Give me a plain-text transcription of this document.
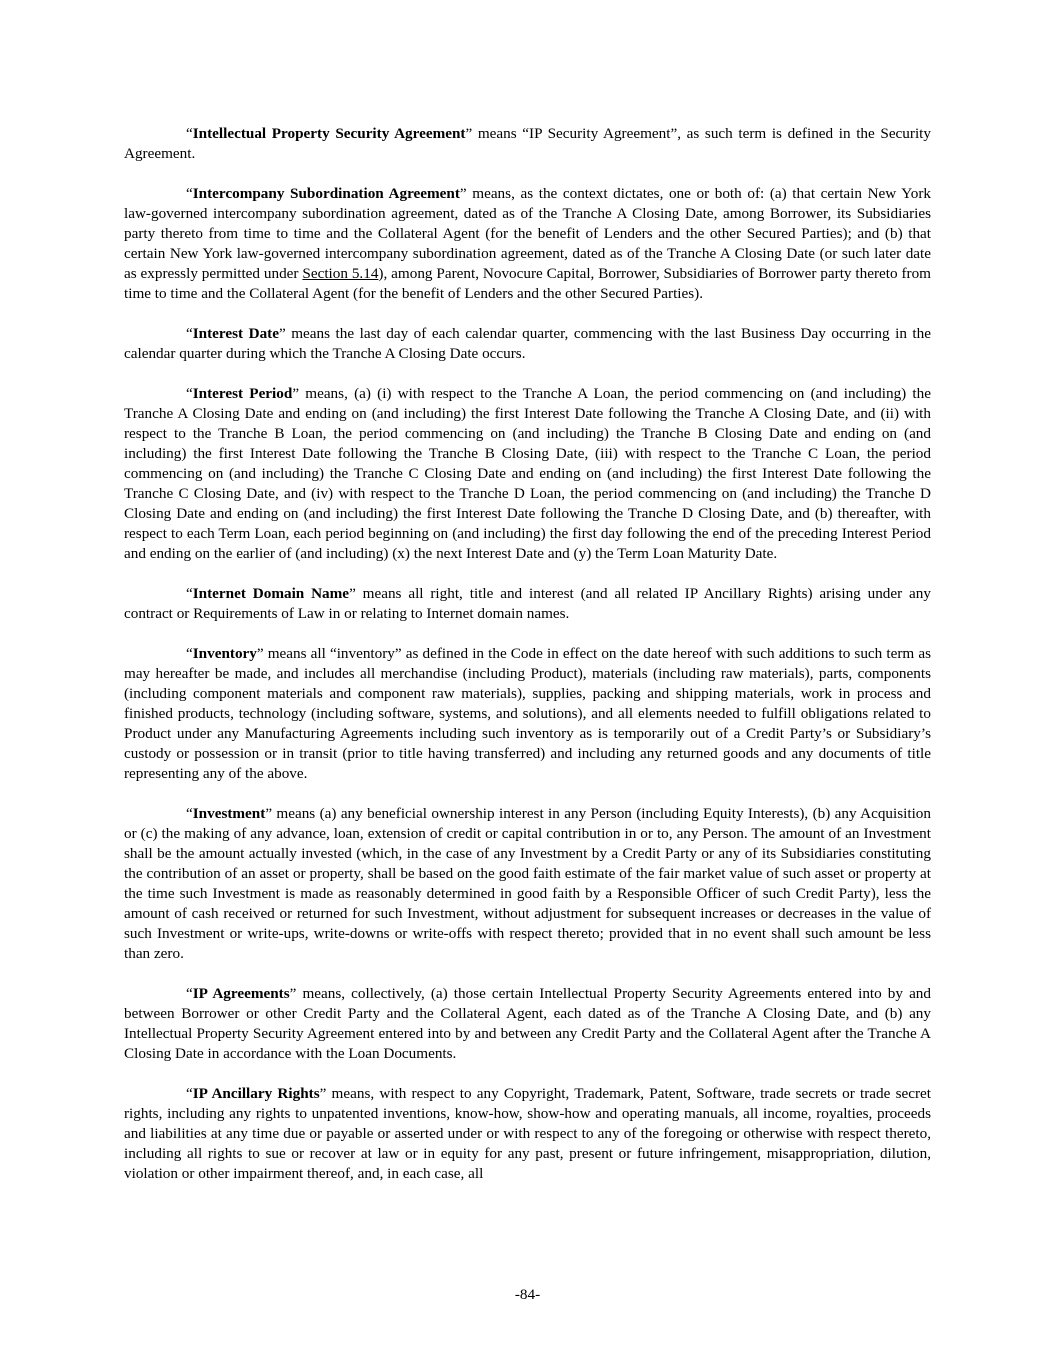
“Intellectual Property Security Agreement” means “IP Security Agreement”, as such term is defined in the Security Agreement.

“Intercompany Subordination Agreement” means, as the context dictates, one or both of: (a) that certain New York law-governed intercompany subordination agreement, dated as of the Tranche A Closing Date, among Borrower, its Subsidiaries party thereto from time to time and the Collateral Agent (for the benefit of Lenders and the other Secured Parties); and (b) that certain New York law-governed intercompany subordination agreement, dated as of the Tranche A Closing Date (or such later date as expressly permitted under Section 5.14), among Parent, Novocure Capital, Borrower, Subsidiaries of Borrower party thereto from time to time and the Collateral Agent (for the benefit of Lenders and the other Secured Parties).

“Interest Date” means the last day of each calendar quarter, commencing with the last Business Day occurring in the calendar quarter during which the Tranche A Closing Date occurs.

“Interest Period” means, (a) (i) with respect to the Tranche A Loan, the period commencing on (and including) the Tranche A Closing Date and ending on (and including) the first Interest Date following the Tranche A Closing Date, and (ii) with respect to the Tranche B Loan, the period commencing on (and including) the Tranche B Closing Date and ending on (and including) the first Interest Date following the Tranche B Closing Date, (iii) with respect to the Tranche C Loan, the period commencing on (and including) the Tranche C Closing Date and ending on (and including) the first Interest Date following the Tranche C Closing Date, and (iv) with respect to the Tranche D Loan, the period commencing on (and including) the Tranche D Closing Date and ending on (and including) the first Interest Date following the Tranche D Closing Date, and (b) thereafter, with respect to each Term Loan, each period beginning on (and including) the first day following the end of the preceding Interest Period and ending on the earlier of (and including) (x) the next Interest Date and (y) the Term Loan Maturity Date.

“Internet Domain Name” means all right, title and interest (and all related IP Ancillary Rights) arising under any contract or Requirements of Law in or relating to Internet domain names.

“Inventory” means all “inventory” as defined in the Code in effect on the date hereof with such additions to such term as may hereafter be made, and includes all merchandise (including Product), materials (including raw materials), parts, components (including component materials and component raw materials), supplies, packing and shipping materials, work in process and finished products, technology (including software, systems, and solutions), and all elements needed to fulfill obligations related to Product under any Manufacturing Agreements including such inventory as is temporarily out of a Credit Party’s or Subsidiary’s custody or possession or in transit (prior to title having transferred) and including any returned goods and any documents of title representing any of the above.

“Investment” means (a) any beneficial ownership interest in any Person (including Equity Interests), (b) any Acquisition or (c) the making of any advance, loan, extension of credit or capital contribution in or to, any Person. The amount of an Investment shall be the amount actually invested (which, in the case of any Investment by a Credit Party or any of its Subsidiaries constituting the contribution of an asset or property, shall be based on the good faith estimate of the fair market value of such asset or property at the time such Investment is made as reasonably determined in good faith by a Responsible Officer of such Credit Party), less the amount of cash received or returned for such Investment, without adjustment for subsequent increases or decreases in the value of such Investment or write-ups, write-downs or write-offs with respect thereto; provided that in no event shall such amount be less than zero.

“IP Agreements” means, collectively, (a) those certain Intellectual Property Security Agreements entered into by and between Borrower or other Credit Party and the Collateral Agent, each dated as of the Tranche A Closing Date, and (b) any Intellectual Property Security Agreement entered into by and between any Credit Party and the Collateral Agent after the Tranche A Closing Date in accordance with the Loan Documents.

“IP Ancillary Rights” means, with respect to any Copyright, Trademark, Patent, Software, trade secrets or trade secret rights, including any rights to unpatented inventions, know-how, show-how and operating manuals, all income, royalties, proceeds and liabilities at any time due or payable or asserted under or with respect to any of the foregoing or otherwise with respect thereto, including all rights to sue or recover at law or in equity for any past, present or future infringement, misappropriation, dilution, violation or other impairment thereof, and, in each case, all

-84-
